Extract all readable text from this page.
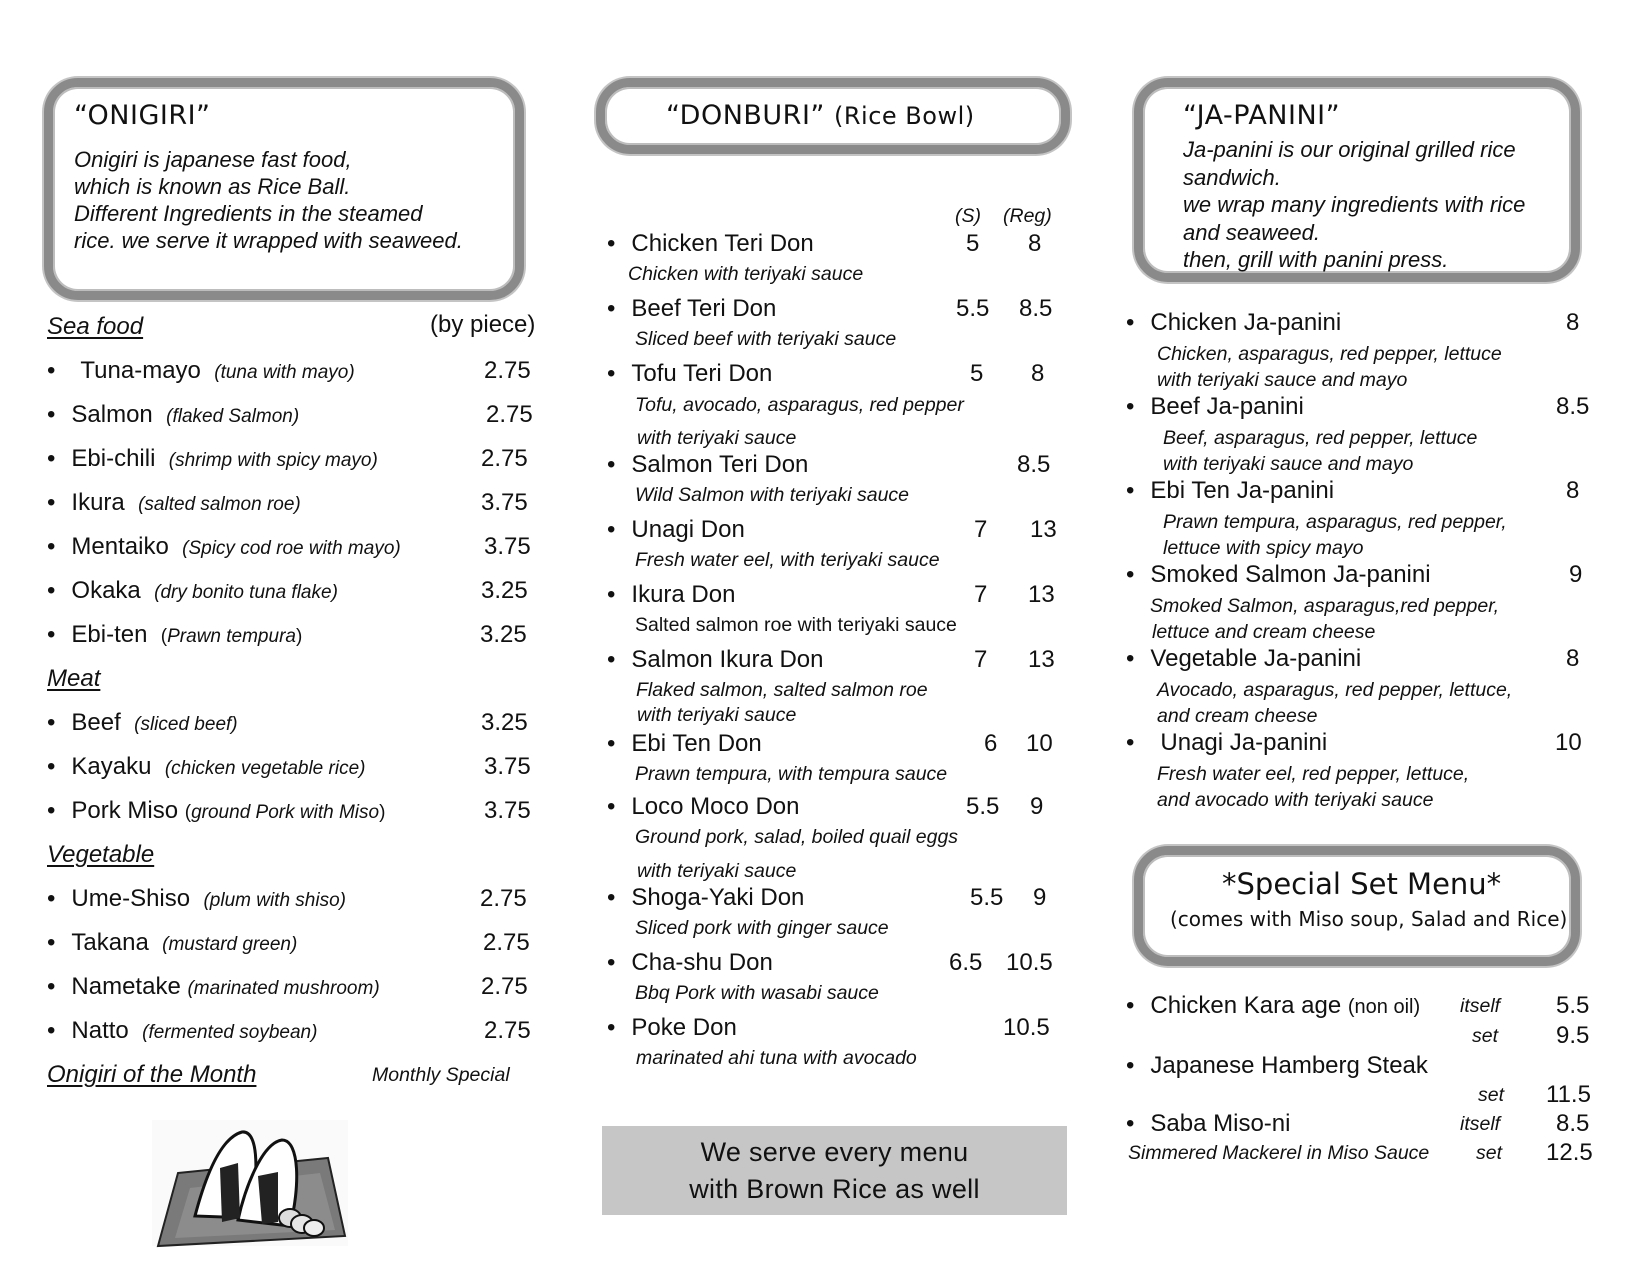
“ONIGIRI”
Onigiri is japanese fast food,
which is known as Rice Ball.
Different Ingredients in the steamed
rice. we serve it wrapped with seaweed.
Sea food	(by piece)
• Tuna-mayo (tuna with mayo)	2.75
• Salmon (flaked Salmon)	2.75
• Ebi-chili (shrimp with spicy mayo)	2.75
• Ikura (salted salmon roe)	3.75
• Mentaiko (Spicy cod roe with mayo)	3.75
• Okaka (dry bonito tuna flake)	3.25
• Ebi-ten (Prawn tempura)	3.25
Meat
• Beef (sliced beef)	3.25
• Kayaku (chicken vegetable rice)	3.75
• Pork Miso (ground Pork with Miso)	3.75
Vegetable
• Ume-Shiso (plum with shiso)	2.75
• Takana (mustard green)	2.75
• Nametake (marinated mushroom)	2.75
• Natto (fermented soybean)	2.75
Onigiri of the Month	Monthly Special
“DONBURI” (Rice Bowl)
(S) (Reg)
• Chicken Teri Don	5 8
Chicken with teriyaki sauce
• Beef Teri Don	5.5 8.5
Sliced beef with teriyaki sauce
• Tofu Teri Don	5 8
Tofu, avocado, asparagus, red pepper
with teriyaki sauce
• Salmon Teri Don	8.5
Wild Salmon with teriyaki sauce
• Unagi Don	7 13
Fresh water eel, with teriyaki sauce
• Ikura Don	7 13
Salted salmon roe with teriyaki sauce
• Salmon Ikura Don	7 13
Flaked salmon, salted salmon roe
with teriyaki sauce
• Ebi Ten Don	6 10
Prawn tempura, with tempura sauce
• Loco Moco Don	5.5 9
Ground pork, salad, boiled quail eggs
with teriyaki sauce
• Shoga-Yaki Don	5.5 9
Sliced pork with ginger sauce
• Cha-shu Don	6.5 10.5
Bbq Pork with wasabi sauce
• Poke Don	10.5
marinated ahi tuna with avocado
We serve every menu
with Brown Rice as well
“JA-PANINI”
Ja-panini is our original grilled rice
sandwich.
we wrap many ingredients with rice
and seaweed.
then, grill with panini press.
• Chicken Ja-panini	8
Chicken, asparagus, red pepper, lettuce
with teriyaki sauce and mayo
• Beef Ja-panini	8.5
Beef, asparagus, red pepper, lettuce
with teriyaki sauce and mayo
• Ebi Ten Ja-panini	8
Prawn tempura, asparagus, red pepper,
lettuce with spicy mayo
• Smoked Salmon Ja-panini	9
Smoked Salmon, asparagus,red pepper,
lettuce and cream cheese
• Vegetable Ja-panini	8
Avocado, asparagus, red pepper, lettuce,
and cream cheese
• Unagi Ja-panini	10
Fresh water eel, red pepper, lettuce,
and avocado with teriyaki sauce
*Special Set Menu*
(comes with Miso soup, Salad and Rice)
• Chicken Kara age (non oil) itself 5.5
set 9.5
• Japanese Hamberg Steak
set 11.5
• Saba Miso-ni	itself 8.5
Simmered Mackerel in Miso Sauce set 12.5
